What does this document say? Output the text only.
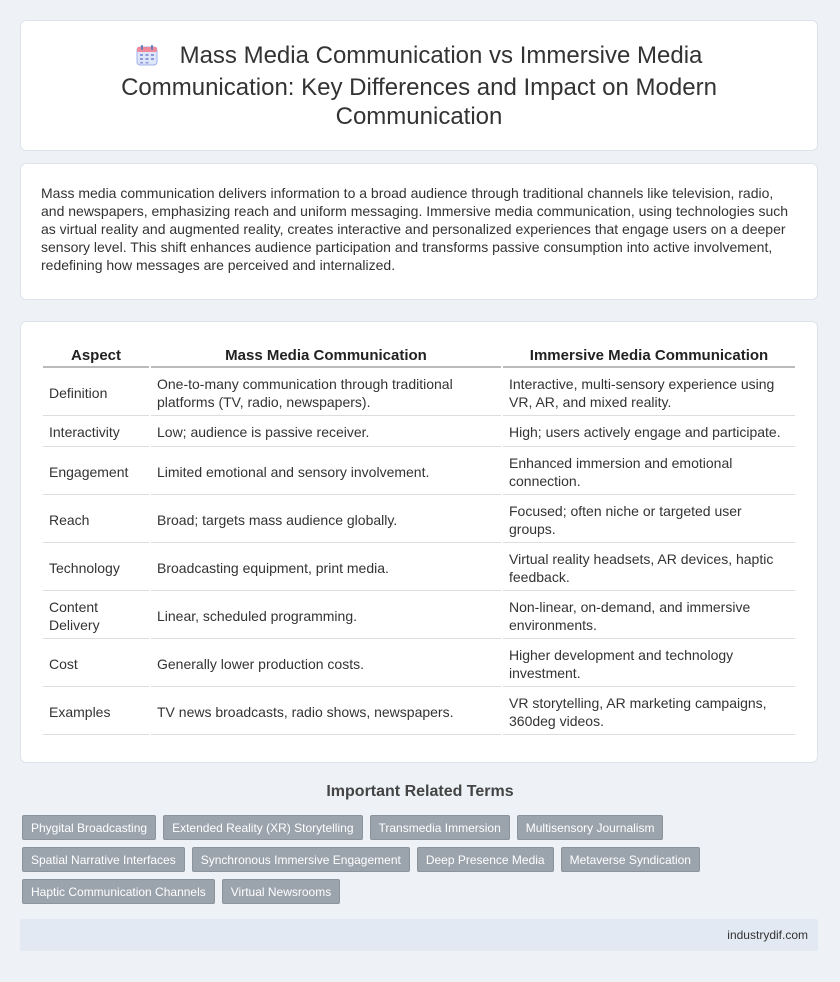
Mass Media Communication vs Immersive Media Communication: Key Differences and Impact on Modern Communication

Mass media communication delivers information to a broad audience through traditional channels like television, radio, and newspapers, emphasizing reach and uniform messaging. Immersive media communication, using technologies such as virtual reality and augmented reality, creates interactive and personalized experiences that engage users on a deeper sensory level. This shift enhances audience participation and transforms passive consumption into active involvement, redefining how messages are perceived and internalized.

Aspect	Mass Media Communication	Immersive Media Communication
Definition	One-to-many communication through traditional platforms (TV, radio, newspapers).	Interactive, multi-sensory experience using VR, AR, and mixed reality.
Interactivity	Low; audience is passive receiver.	High; users actively engage and participate.
Engagement	Limited emotional and sensory involvement.	Enhanced immersion and emotional connection.
Reach	Broad; targets mass audience globally.	Focused; often niche or targeted user groups.
Technology	Broadcasting equipment, print media.	Virtual reality headsets, AR devices, haptic feedback.
Content Delivery	Linear, scheduled programming.	Non-linear, on-demand, and immersive environments.
Cost	Generally lower production costs.	Higher development and technology investment.
Examples	TV news broadcasts, radio shows, newspapers.	VR storytelling, AR marketing campaigns, 360deg videos.
Important Related Terms
Phygital Broadcasting	Extended Reality (XR) Storytelling	Transmedia Immersion	Multisensory Journalism
Spatial Narrative Interfaces	Synchronous Immersive Engagement	Deep Presence Media	Metaverse Syndication
Haptic Communication Channels	Virtual Newsrooms
industrydif.com
